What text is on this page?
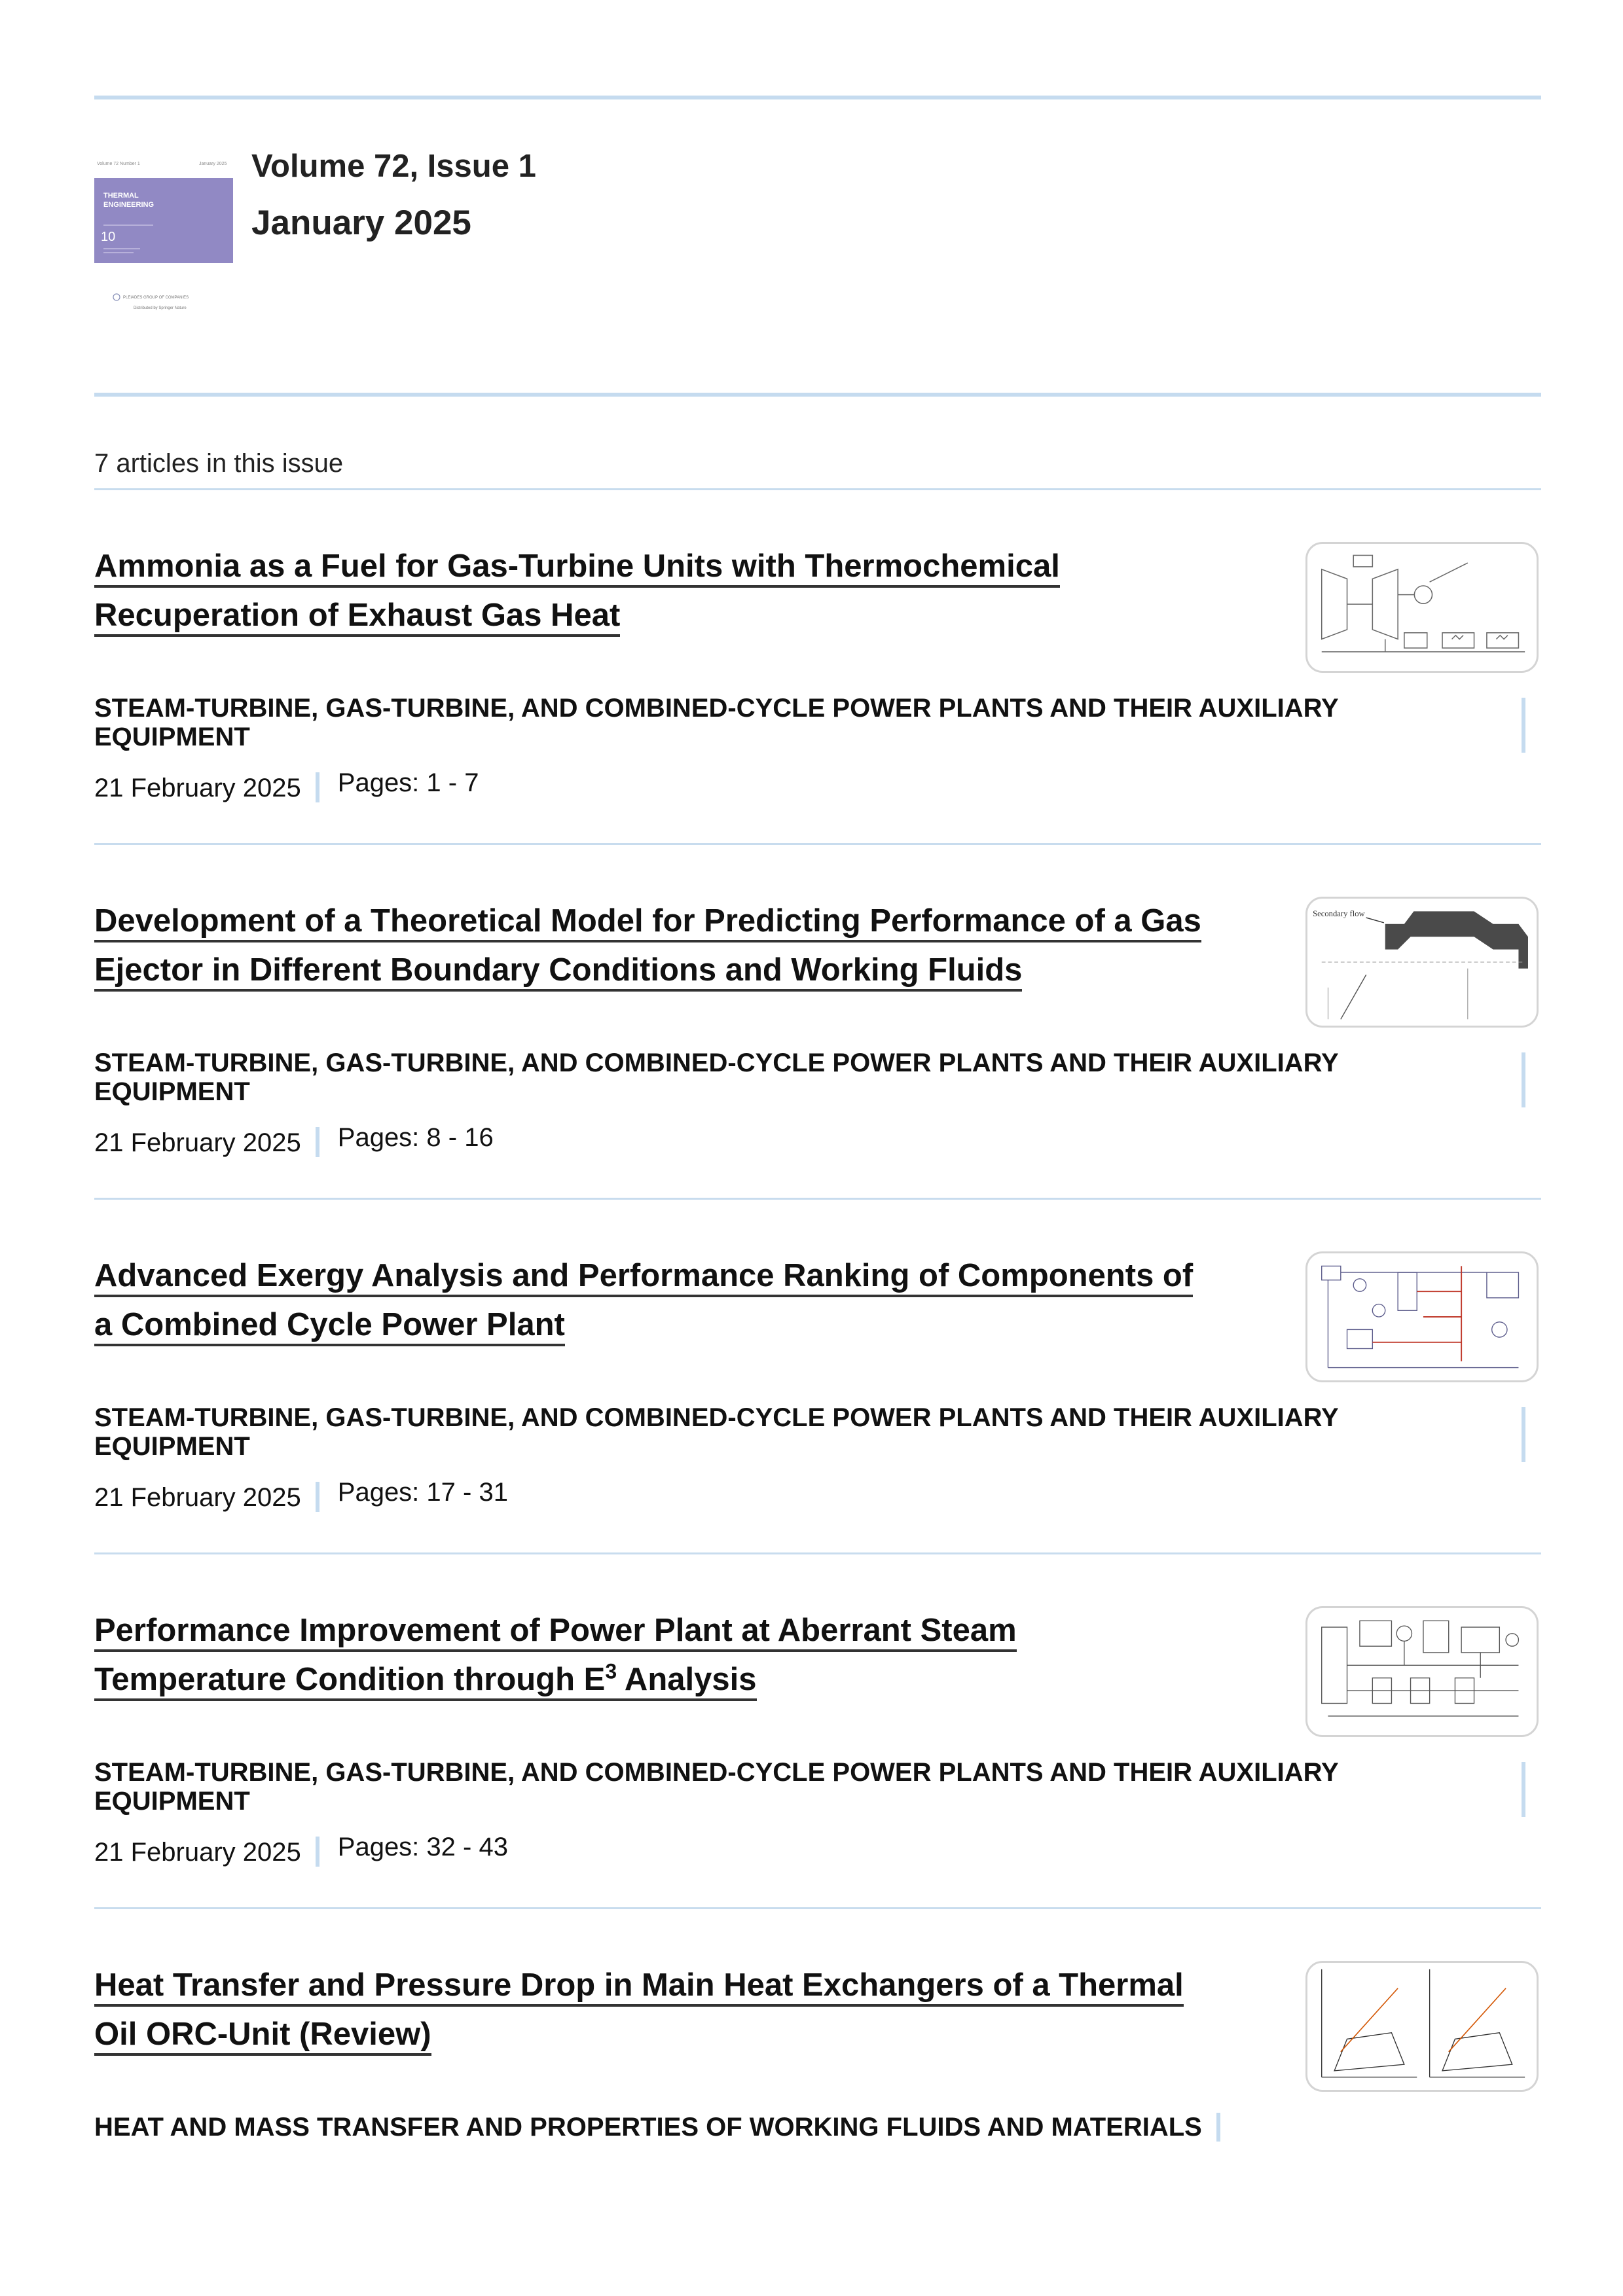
Volume 72 Number 1	January 2025
THERMAL
ENGINEERING
10
PLEIADES GROUP OF COMPANIES
Distributed by Springer Nature
Volume 72, Issue 1
January 2025
7 articles in this issue
Ammonia as a Fuel for Gas-Turbine Units with Thermochemical
Recuperation of Exhaust Gas Heat
STEAM-TURBINE, GAS-TURBINE, AND COMBINED-CYCLE POWER PLANTS AND THEIR AUXILIARY EQUIPMENT
21 February 2025 Pages: 1 - 7
Development of a Theoretical Model for Predicting Performance of a Gas
Ejector in Different Boundary Conditions and Working Fluids
Secondary flow
STEAM-TURBINE, GAS-TURBINE, AND COMBINED-CYCLE POWER PLANTS AND THEIR AUXILIARY EQUIPMENT
21 February 2025 Pages: 8 - 16
Advanced Exergy Analysis and Performance Ranking of Components of
a Combined Cycle Power Plant
STEAM-TURBINE, GAS-TURBINE, AND COMBINED-CYCLE POWER PLANTS AND THEIR AUXILIARY EQUIPMENT
21 February 2025 Pages: 17 - 31
Performance Improvement of Power Plant at Aberrant Steam
Temperature Condition through $E^3$ Analysis
STEAM-TURBINE, GAS-TURBINE, AND COMBINED-CYCLE POWER PLANTS AND THEIR AUXILIARY EQUIPMENT
21 February 2025 Pages: 32 - 43
Heat Transfer and Pressure Drop in Main Heat Exchangers of a Thermal
Oil ORC-Unit (Review)
HEAT AND MASS TRANSFER AND PROPERTIES OF WORKING FLUIDS AND MATERIALS
